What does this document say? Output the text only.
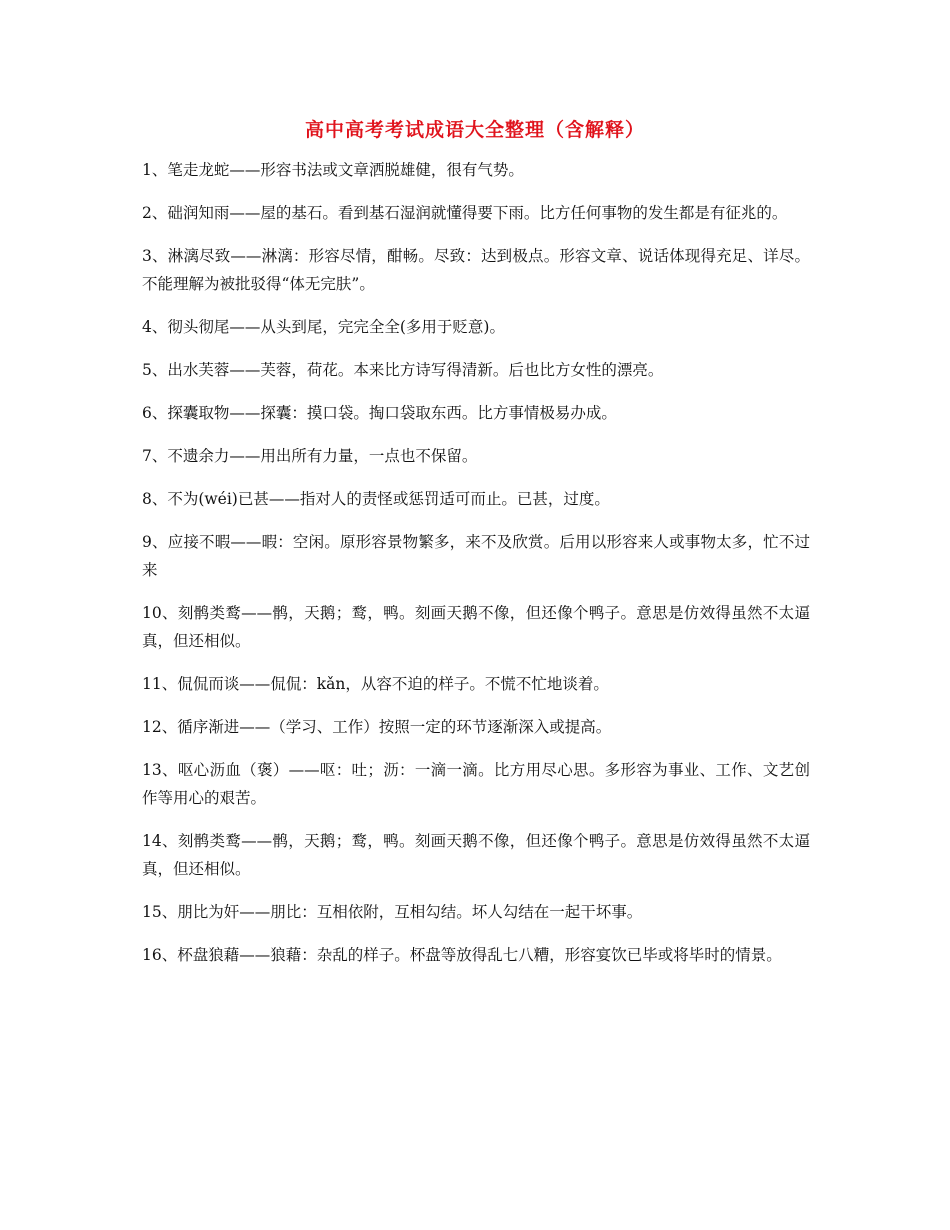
高中高考考试成语大全整理（含解释）

1、笔走龙蛇——形容书法或文章洒脱雄健，很有气势。

2、础润知雨——屋的基石。看到基石湿润就懂得要下雨。比方任何事物的发生都是有征兆的。

3、淋漓尽致——淋漓：形容尽情，酣畅。尽致：达到极点。形容文章、说话体现得充足、详尽。不能理解为被批驳得“体无完肤”。

4、彻头彻尾——从头到尾，完完全全(多用于贬意)。

5、出水芙蓉——芙蓉，荷花。本来比方诗写得清新。后也比方女性的漂亮。

6、探囊取物——探囊：摸口袋。掏口袋取东西。比方事情极易办成。

7、不遗余力——用出所有力量，一点也不保留。

8、不为(wéi)已甚——指对人的责怪或惩罚适可而止。已甚，过度。

9、应接不暇——暇：空闲。原形容景物繁多，来不及欣赏。后用以形容来人或事物太多，忙不过来

10、刻鹘类鹜——鹘，天鹅；鹜，鸭。刻画天鹅不像，但还像个鸭子。意思是仿效得虽然不太逼真，但还相似。

11、侃侃而谈——侃侃：kǎn，从容不迫的样子。不慌不忙地谈着。

12、循序渐进——（学习、工作）按照一定的环节逐渐深入或提高。

13、呕心沥血（褒）——呕：吐；沥：一滴一滴。比方用尽心思。多形容为事业、工作、文艺创作等用心的艰苦。

14、刻鹘类鹜——鹘，天鹅；鹜，鸭。刻画天鹅不像，但还像个鸭子。意思是仿效得虽然不太逼真，但还相似。

15、朋比为奸——朋比：互相依附，互相勾结。坏人勾结在一起干坏事。

16、杯盘狼藉——狼藉：杂乱的样子。杯盘等放得乱七八糟，形容宴饮已毕或将毕时的情景。
